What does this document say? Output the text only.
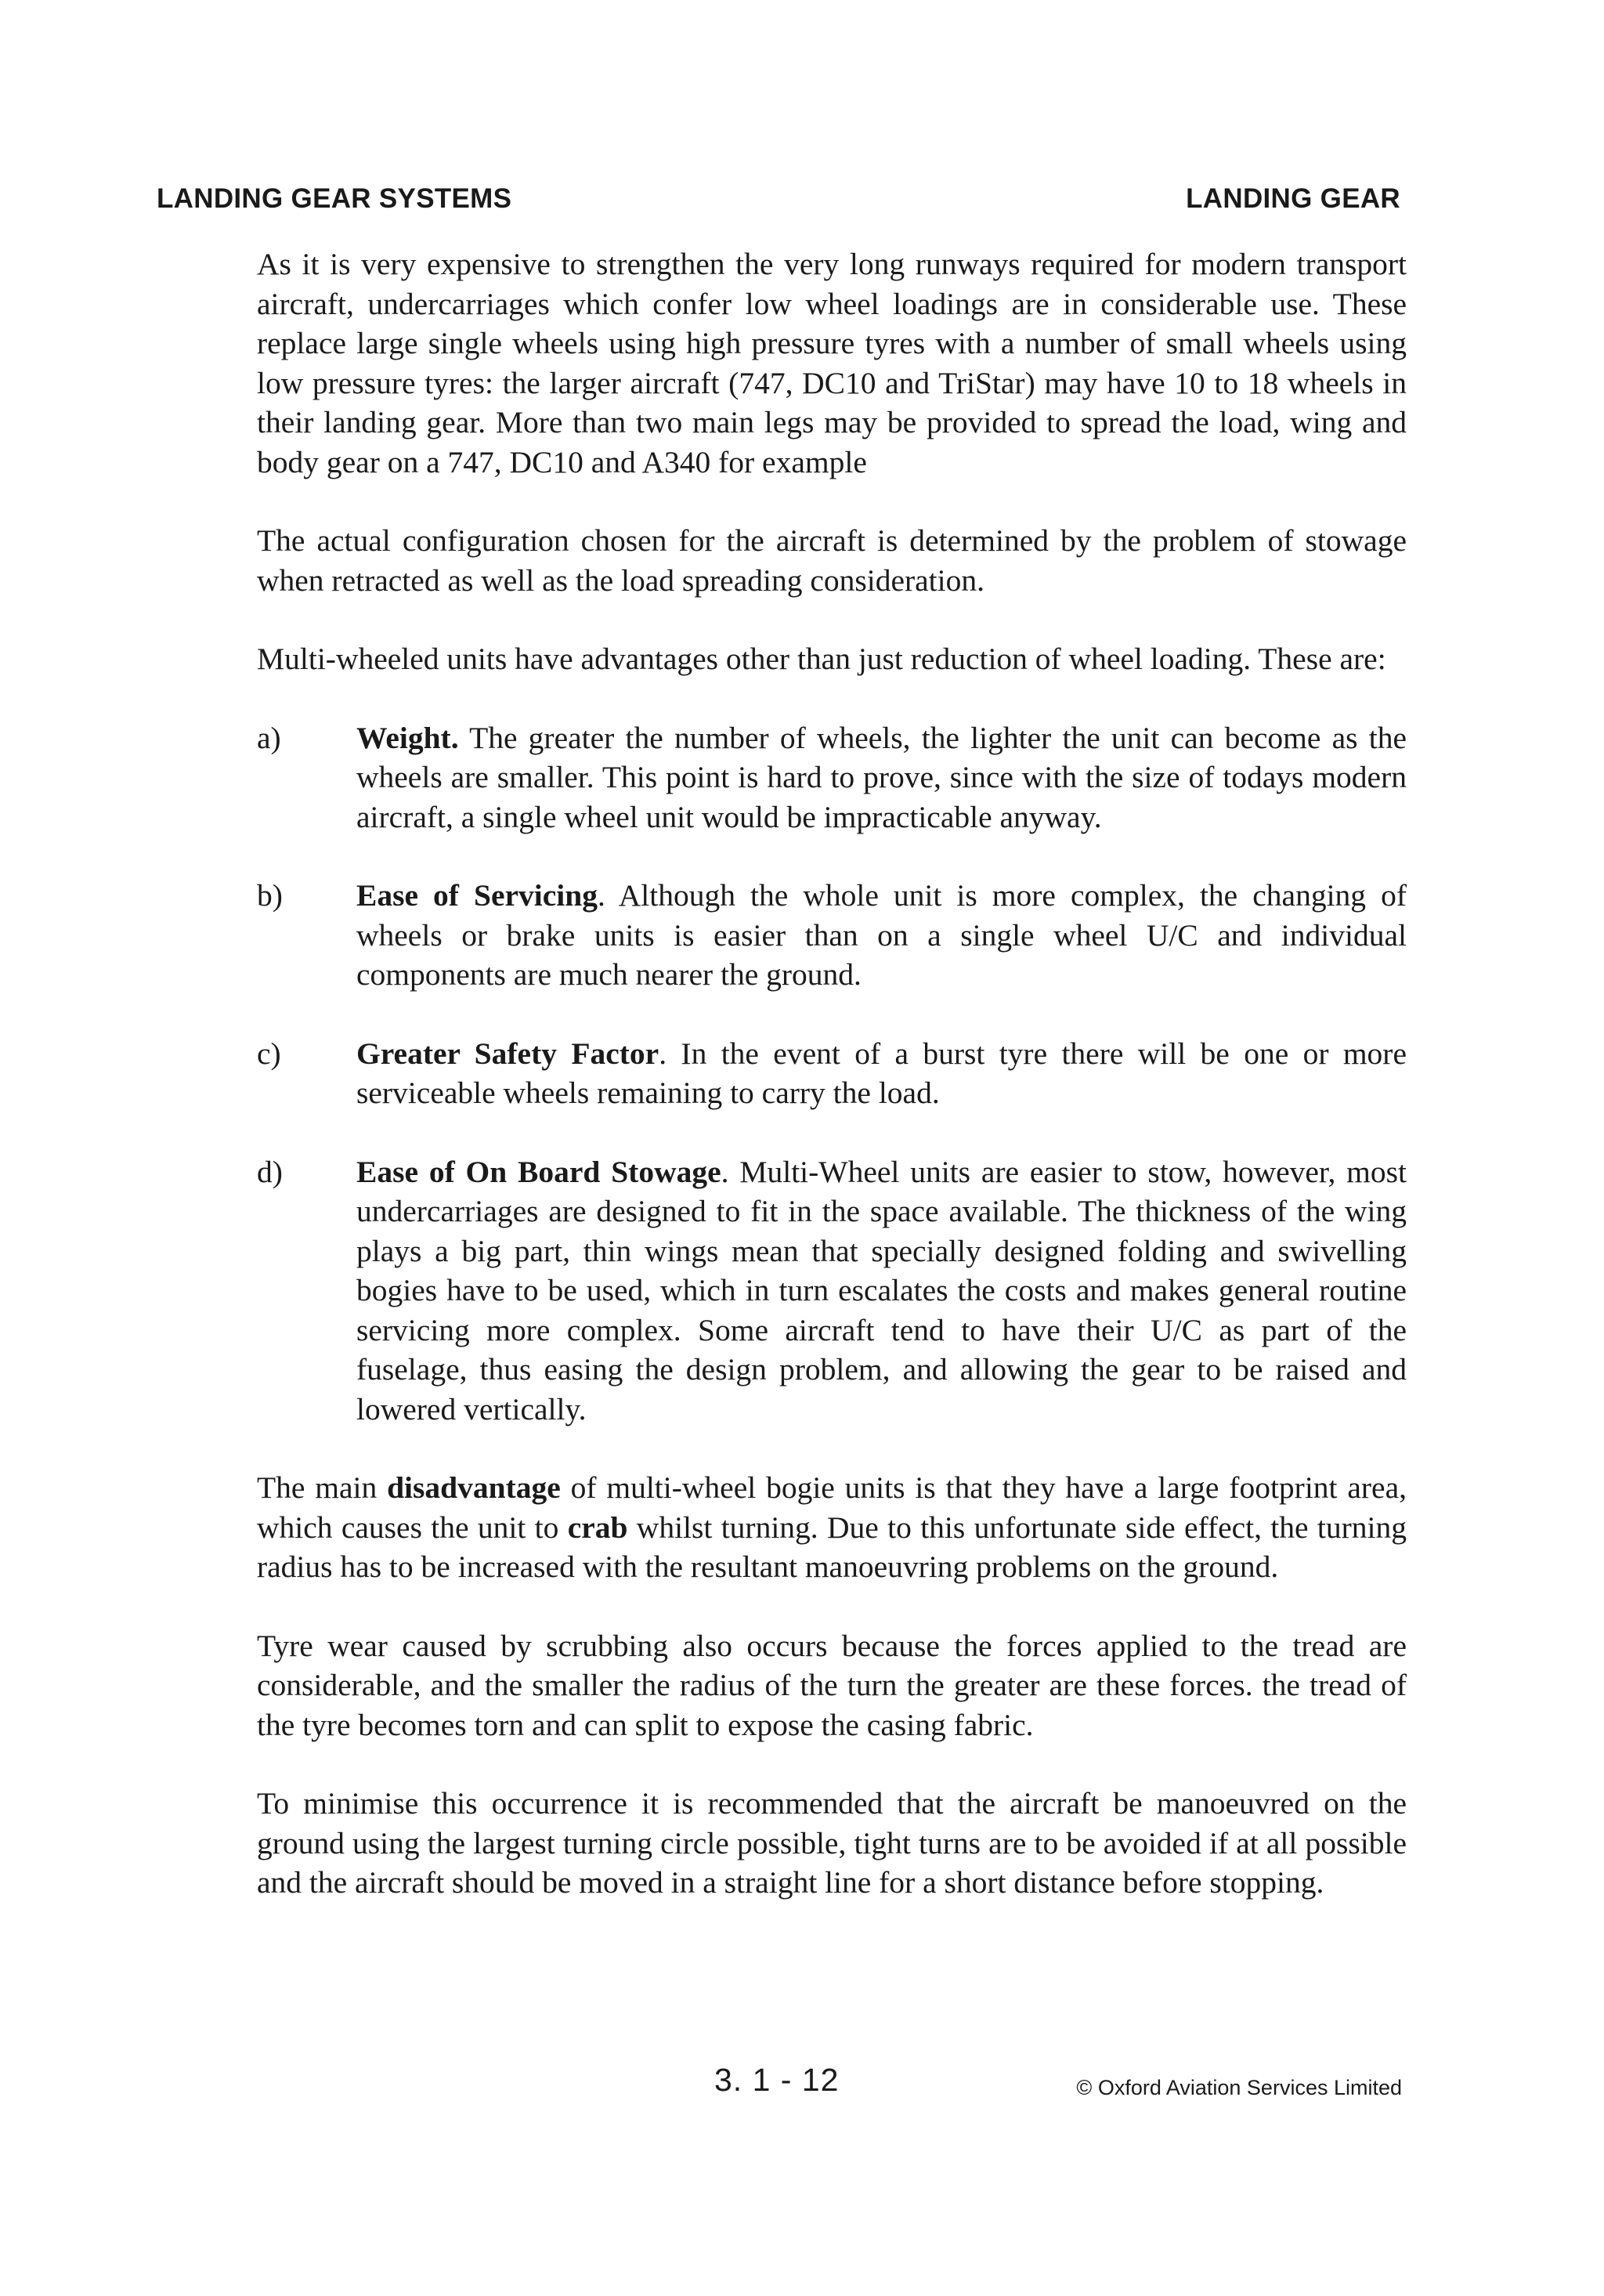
LANDING GEAR SYSTEMS	LANDING GEAR

As it is very expensive to strengthen the very long runways required for modern transport aircraft, undercarriages which confer low wheel loadings are in considerable use. These replace large single wheels using high pressure tyres with a number of small wheels using low pressure tyres: the larger aircraft (747, DC10 and TriStar) may have 10 to 18 wheels in their landing gear. More than two main legs may be provided to spread the load, wing and body gear on a 747, DC10 and A340 for example

The actual configuration chosen for the aircraft is determined by the problem of stowage when retracted as well as the load spreading consideration.

Multi-wheeled units have advantages other than just reduction of wheel loading. These are:

a)	Weight. The greater the number of wheels, the lighter the unit can become as the wheels are smaller. This point is hard to prove, since with the size of todays modern aircraft, a single wheel unit would be impracticable anyway.
b)	Ease of Servicing. Although the whole unit is more complex, the changing of wheels or brake units is easier than on a single wheel U/C and individual components are much nearer the ground.
c)	Greater Safety Factor. In the event of a burst tyre there will be one or more serviceable wheels remaining to carry the load.
d)	Ease of On Board Stowage. Multi-Wheel units are easier to stow, however, most undercarriages are designed to fit in the space available. The thickness of the wing plays a big part, thin wings mean that specially designed folding and swivelling bogies have to be used, which in turn escalates the costs and makes general routine servicing more complex. Some aircraft tend to have their U/C as part of the fuselage, thus easing the design problem, and allowing the gear to be raised and lowered vertically.

The main disadvantage of multi-wheel bogie units is that they have a large footprint area, which causes the unit to crab whilst turning. Due to this unfortunate side effect, the turning radius has to be increased with the resultant manoeuvring problems on the ground.

Tyre wear caused by scrubbing also occurs because the forces applied to the tread are considerable, and the smaller the radius of the turn the greater are these forces. the tread of the tyre becomes torn and can split to expose the casing fabric.

To minimise this occurrence it is recommended that the aircraft be manoeuvred on the ground using the largest turning circle possible, tight turns are to be avoided if at all possible and the aircraft should be moved in a straight line for a short distance before stopping.

3. 1 - 12	© Oxford Aviation Services Limited
